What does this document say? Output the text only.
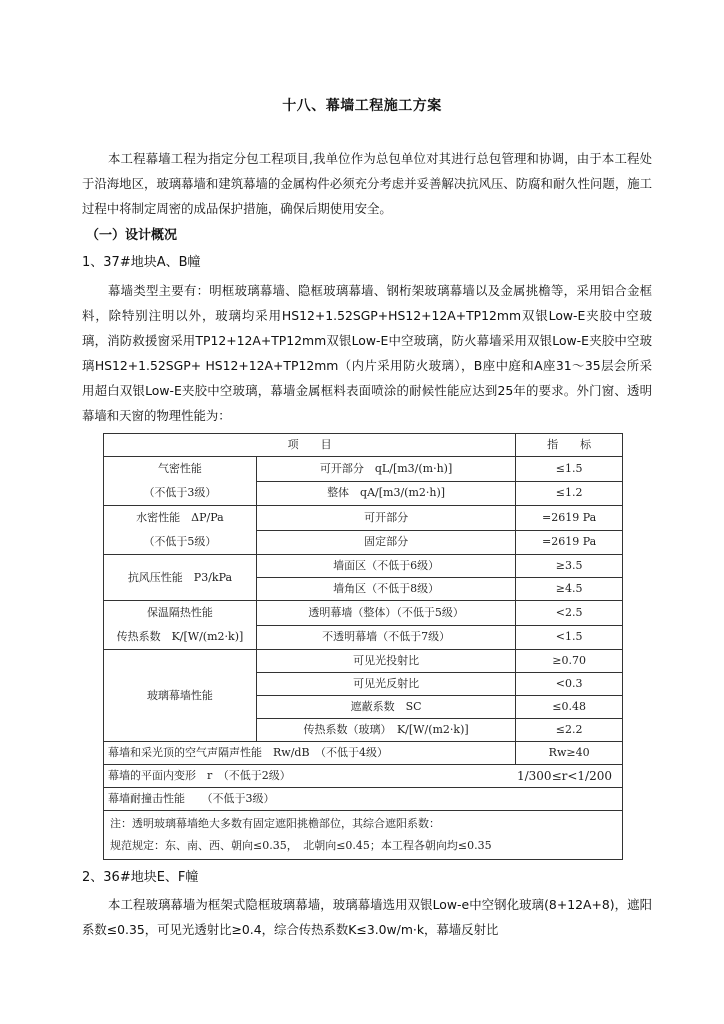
十八、幕墙工程施工方案
本工程幕墙工程为指定分包工程项目,我单位作为总包单位对其进行总包管理和协调，由于本工程处于沿海地区，玻璃幕墙和建筑幕墙的金属构件必须充分考虑并妥善解决抗风压、防腐和耐久性问题，施工过程中将制定周密的成品保护措施，确保后期使用安全。
（一）设计概况
1、37#地块A、B幢
幕墙类型主要有：明框玻璃幕墙、隐框玻璃幕墙、钢桁架玻璃幕墙以及金属挑檐等，采用铝合金框料，除特别注明以外，玻璃均采用HS12+1.52SGP+HS12+12A+TP12mm双银Low-E夹胶中空玻璃，消防救援窗采用TP12+12A+TP12mm双银Low-E中空玻璃，防火幕墙采用双银Low-E夹胶中空玻璃HS12+1.52SGP+ HS12+12A+TP12mm（内片采用防火玻璃），B座中庭和A座31～35层会所采用超白双银Low-E夹胶中空玻璃，幕墙金属框料表面喷涂的耐候性能应达到25年的要求。外门窗、透明幕墙和天窗的物理性能为：
项　　目		指　　标

气密性能
（不低于3级）	可开部分　qL/[m3/(m·h)]	≤1.5
	整体　qA/[m3/(m2·h)]	≤1.2

水密性能　ΔP/Pa
（不低于5级）	可开部分	=2619 Pa
	固定部分	=2619 Pa
抗风压性能　P3/kPa	墙面区（不低于6级）	≥3.5
	墙角区（不低于8级）	≥4.5

保温隔热性能
传热系数　K/[W/(m2·k)]	透明幕墙（整体）（不低于5级）	<2.5
	不透明幕墙（不低于7级）	<1.5
玻璃幕墙性能	可见光投射比	≥0.70
	可见光反射比	<0.3
	遮蔽系数　SC	≤0.48
	传热系数（玻璃）　K/[W/(m2·k)]	≤2.2
幕墙和采光顶的空气声隔声性能　Rw/dB　（不低于4级）		Rw≥40

幕墙的平面内变形　r　（不低于2级） 1/300≤r<1/200		

幕墙耐撞击性能　　（不低于3级）		

注：透明玻璃幕墙绝大多数有固定遮阳挑檐部位，其综合遮阳系数：
规范规定：东、南、西、朝向≤0.35，　北朝向≤0.45；本工程各朝向均≤0.35		
2、36#地块E、F幢
本工程玻璃幕墙为框架式隐框玻璃幕墙，玻璃幕墙选用双银Low-e中空钢化玻璃(8+12A+8)，遮阳系数≤0.35，可见光透射比≥0.4，综合传热系数K≤3.0w/m·k，幕墙反射比
